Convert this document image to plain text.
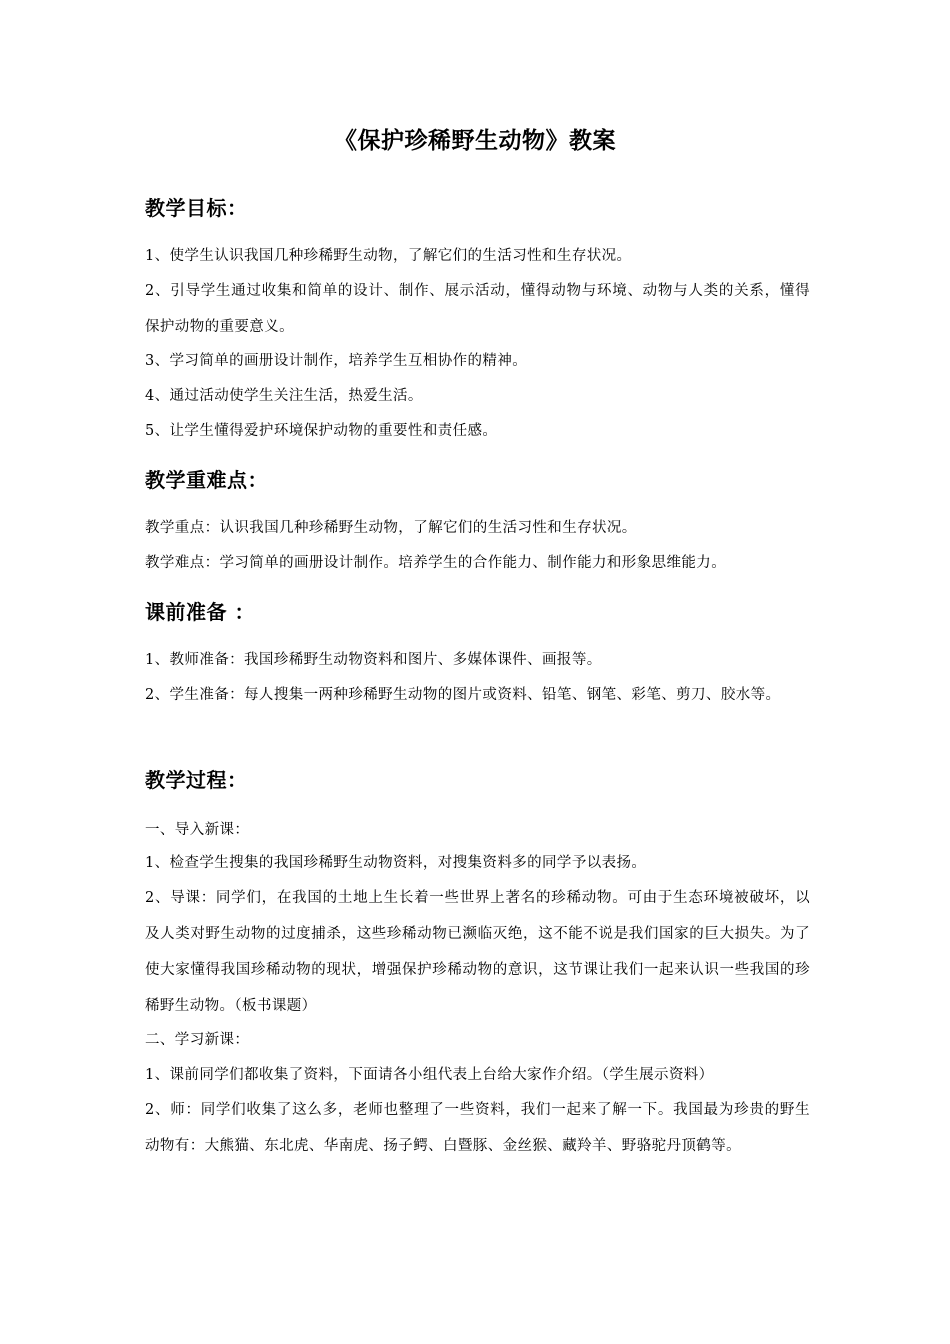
《保护珍稀野生动物》教案
教学目标：
1、使学生认识我国几种珍稀野生动物，了解它们的生活习性和生存状况。
2、引导学生通过收集和简单的设计、制作、展示活动，懂得动物与环境、动物与人类的关系，懂得保护动物的重要意义。
3、学习简单的画册设计制作，培养学生互相协作的精神。
4、通过活动使学生关注生活，热爱生活。
5、让学生懂得爱护环境保护动物的重要性和责任感。
教学重难点：
教学重点：认识我国几种珍稀野生动物，了解它们的生活习性和生存状况。
教学难点：学习简单的画册设计制作。培养学生的合作能力、制作能力和形象思维能力。
课前准备 ：
1、教师准备：我国珍稀野生动物资料和图片、多媒体课件、画报等。
2、学生准备：每人搜集一两种珍稀野生动物的图片或资料、铅笔、钢笔、彩笔、剪刀、胶水等。
教学过程：
一、导入新课：
1、检查学生搜集的我国珍稀野生动物资料，对搜集资料多的同学予以表扬。
2、导课：同学们，在我国的土地上生长着一些世界上著名的珍稀动物。可由于生态环境被破坏，以及人类对野生动物的过度捕杀，这些珍稀动物已濒临灭绝，这不能不说是我们国家的巨大损失。为了使大家懂得我国珍稀动物的现状，增强保护珍稀动物的意识，这节课让我们一起来认识一些我国的珍稀野生动物。（板书课题）
二、学习新课：
1、课前同学们都收集了资料，下面请各小组代表上台给大家作介绍。（学生展示资料）
2、师：同学们收集了这么多，老师也整理了一些资料，我们一起来了解一下。我国最为珍贵的野生动物有：大熊猫、东北虎、华南虎、扬子鳄、白暨豚、金丝猴、藏羚羊、野骆驼丹顶鹤等。
